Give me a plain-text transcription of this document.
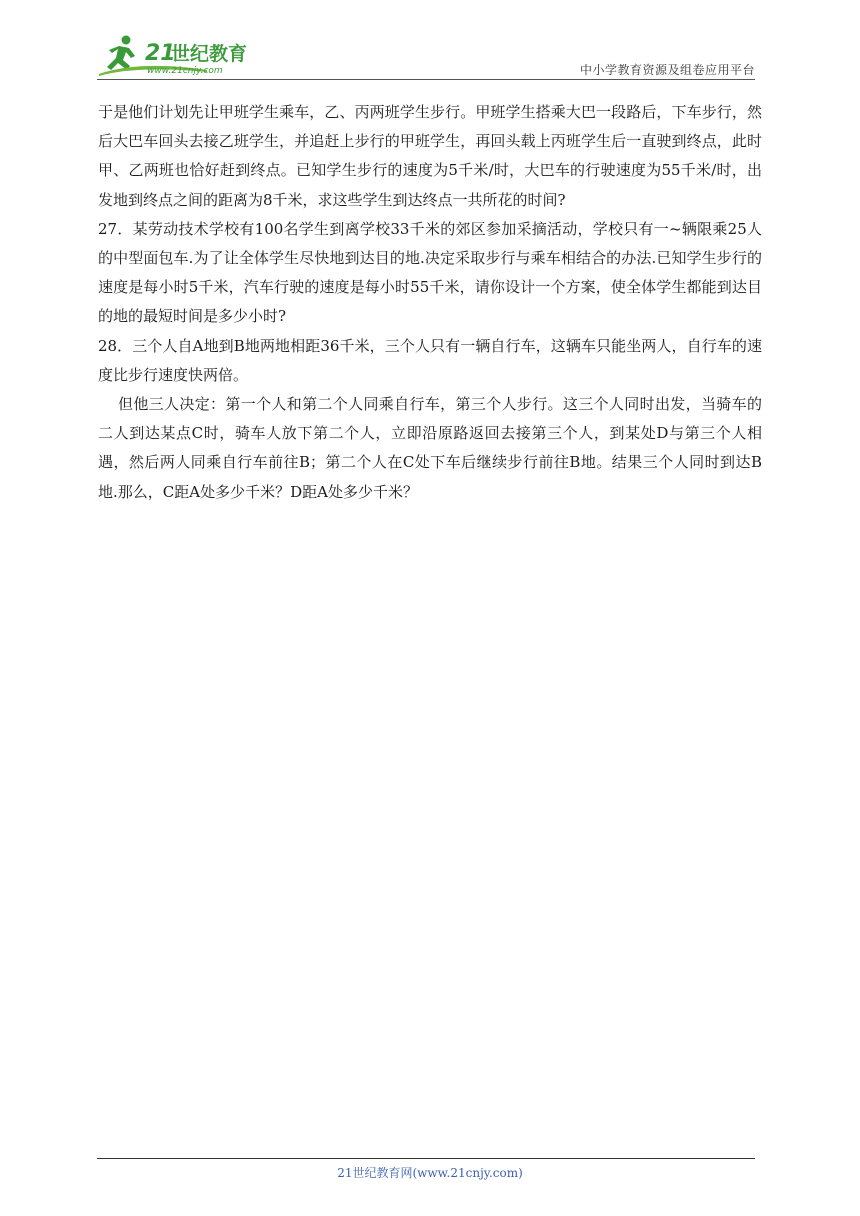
21
世纪教育
www.21cnjy.com	中小学教育资源及组卷应用平台

于是他们计划先让甲班学生乘车，乙、丙两班学生步行。甲班学生搭乘大巴一段路后，下车步行，然后大巴车回头去接乙班学生，并追赶上步行的甲班学生，再回头载上丙班学生后一直驶到终点，此时甲、乙两班也恰好赶到终点。已知学生步行的速度为5千米/时，大巴车的行驶速度为55千米/时，出发地到终点之间的距离为8千米，求这些学生到达终点一共所花的时间?

27．某劳动技术学校有100名学生到离学校33千米的郊区参加采摘活动，学校只有一~辆限乘25人的中型面包车.为了让全体学生尽快地到达目的地.决定采取步行与乘车相结合的办法.已知学生步行的速度是每小时5千米，汽车行驶的速度是每小时55千米，请你设计一个方案，使全体学生都能到达目的地的最短时间是多少小时?

28．三个人自A地到B地两地相距36千米，三个人只有一辆自行车，这辆车只能坐两人，自行车的速度比步行速度快两倍。

但他三人决定：第一个人和第二个人同乘自行车，第三个人步行。这三个人同时出发，当骑车的二人到达某点C时，骑车人放下第二个人，立即沿原路返回去接第三个人，到某处D与第三个人相遇，然后两人同乘自行车前往B；第二个人在C处下车后继续步行前往B地。结果三个人同时到达B地.那么，C距A处多少千米？D距A处多少千米？

21世纪教育网(www.21cnjy.com)
